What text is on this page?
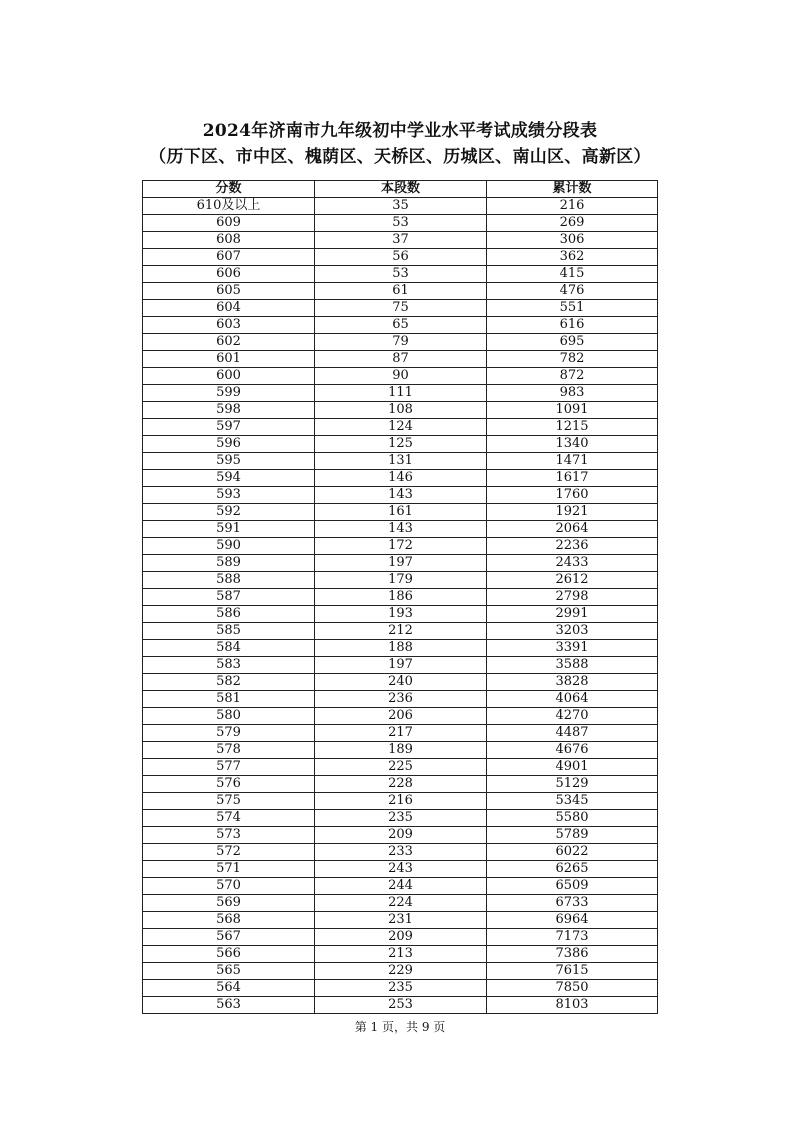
2024年济南市九年级初中学业水平考试成绩分段表
（历下区、市中区、槐荫区、天桥区、历城区、南山区、高新区）
分数	本段数	累计数
610及以上	35	216
609	53	269
608	37	306
607	56	362
606	53	415
605	61	476
604	75	551
603	65	616
602	79	695
601	87	782
600	90	872
599	111	983
598	108	1091
597	124	1215
596	125	1340
595	131	1471
594	146	1617
593	143	1760
592	161	1921
591	143	2064
590	172	2236
589	197	2433
588	179	2612
587	186	2798
586	193	2991
585	212	3203
584	188	3391
583	197	3588
582	240	3828
581	236	4064
580	206	4270
579	217	4487
578	189	4676
577	225	4901
576	228	5129
575	216	5345
574	235	5580
573	209	5789
572	233	6022
571	243	6265
570	244	6509
569	224	6733
568	231	6964
567	209	7173
566	213	7386
565	229	7615
564	235	7850
563	253	8103
第 1 页，共 9 页
